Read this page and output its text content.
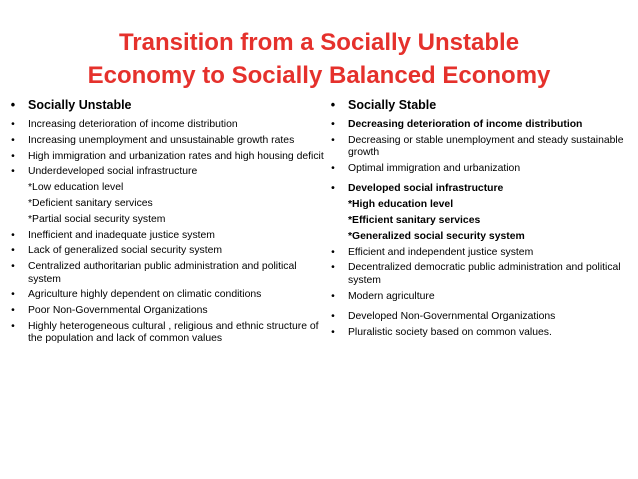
Transition from a Socially Unstable
Economy to Socially Balanced Economy
•	Socially Unstable
•	Increasing deterioration of income distribution
•	Increasing unemployment and unsustainable growth rates
•	High immigration and urbanization rates and high housing deficit
•	Underdeveloped social infrastructure
*Low education level
*Deficient sanitary services
*Partial social security system
•	Inefficient and inadequate justice system
•	Lack of generalized social security system
•	Centralized authoritarian public administration and political system
•	Agriculture highly dependent on climatic conditions
•	Poor Non-Governmental Organizations
•	Highly heterogeneous cultural , religious and ethnic structure of the population and lack of common values
•	Socially Stable
•	Decreasing deterioration of income distribution
•	Decreasing or stable unemployment and steady sustainable growth
•	Optimal immigration and urbanization
•	Developed social infrastructure
*High education level
*Efficient sanitary services
*Generalized social security system
•	Efficient and independent justice system
•	Decentralized democratic public administration and political system
•	Modern agriculture
•	Developed Non-Governmental Organizations
•	Pluralistic society based on common values.
